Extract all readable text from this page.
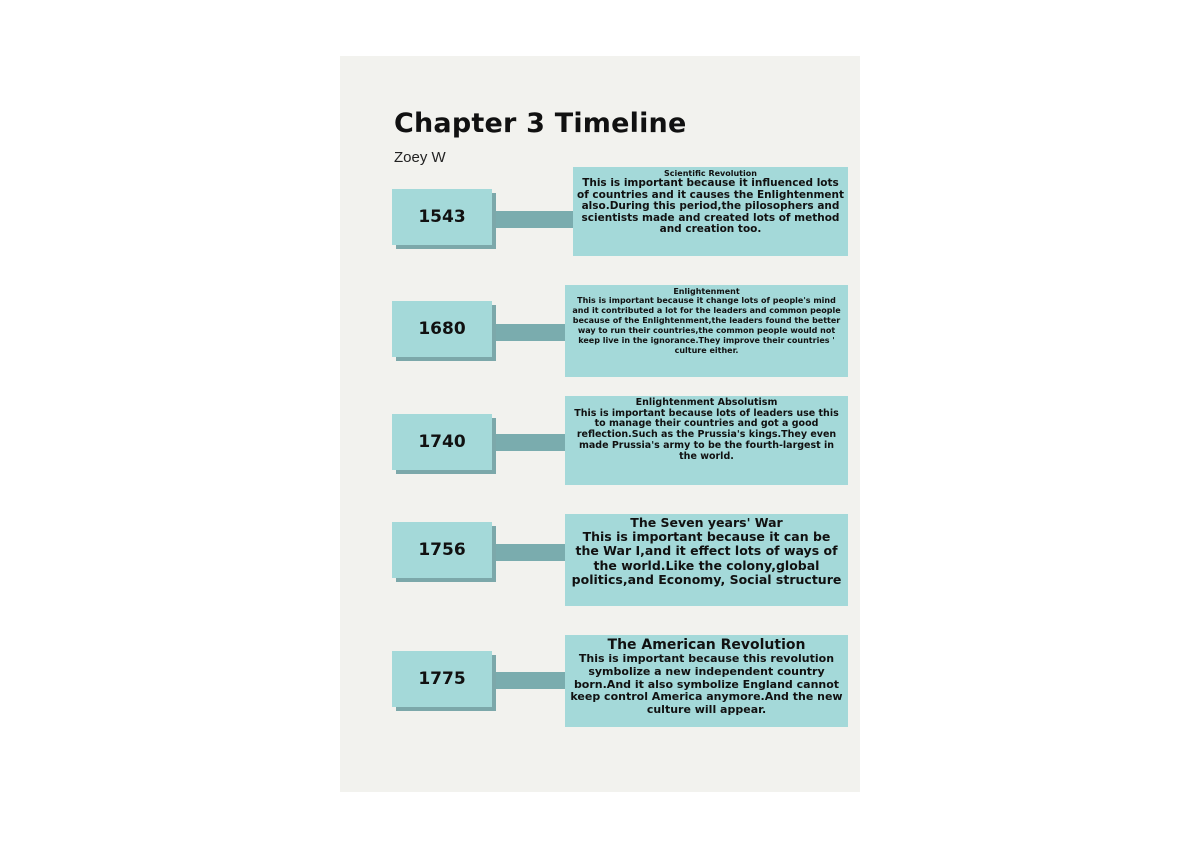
Chapter 3 Timeline
Zoey W
1543
Scientific Revolution
This is important because it influenced lots of countries and it causes the Enlightenment also.During this period,the pilosophers and scientists made and created lots of method and creation too.
1680
Enlightenment
This is important because it change lots of people's mind and it contributed a lot for the leaders and common people because of the Enlightenment,the leaders found the better way to run their countries,the common people would not keep live in the ignorance.They improve their countries ' culture either.
1740
Enlightenment Absolutism
This is important because lots of leaders use this to manage their countries and got a good reflection.Such as the Prussia's kings.They even made Prussia's army to be the fourth-largest in the world.
1756
The Seven years' War
This is important because it can be the War I,and it effect lots of ways of the world.Like the colony,global politics,and Economy, Social structure
1775
The American Revolution
This is important because this revolution symbolize a new independent country born.And it also symbolize England cannot keep control America anymore.And the new culture will appear.
